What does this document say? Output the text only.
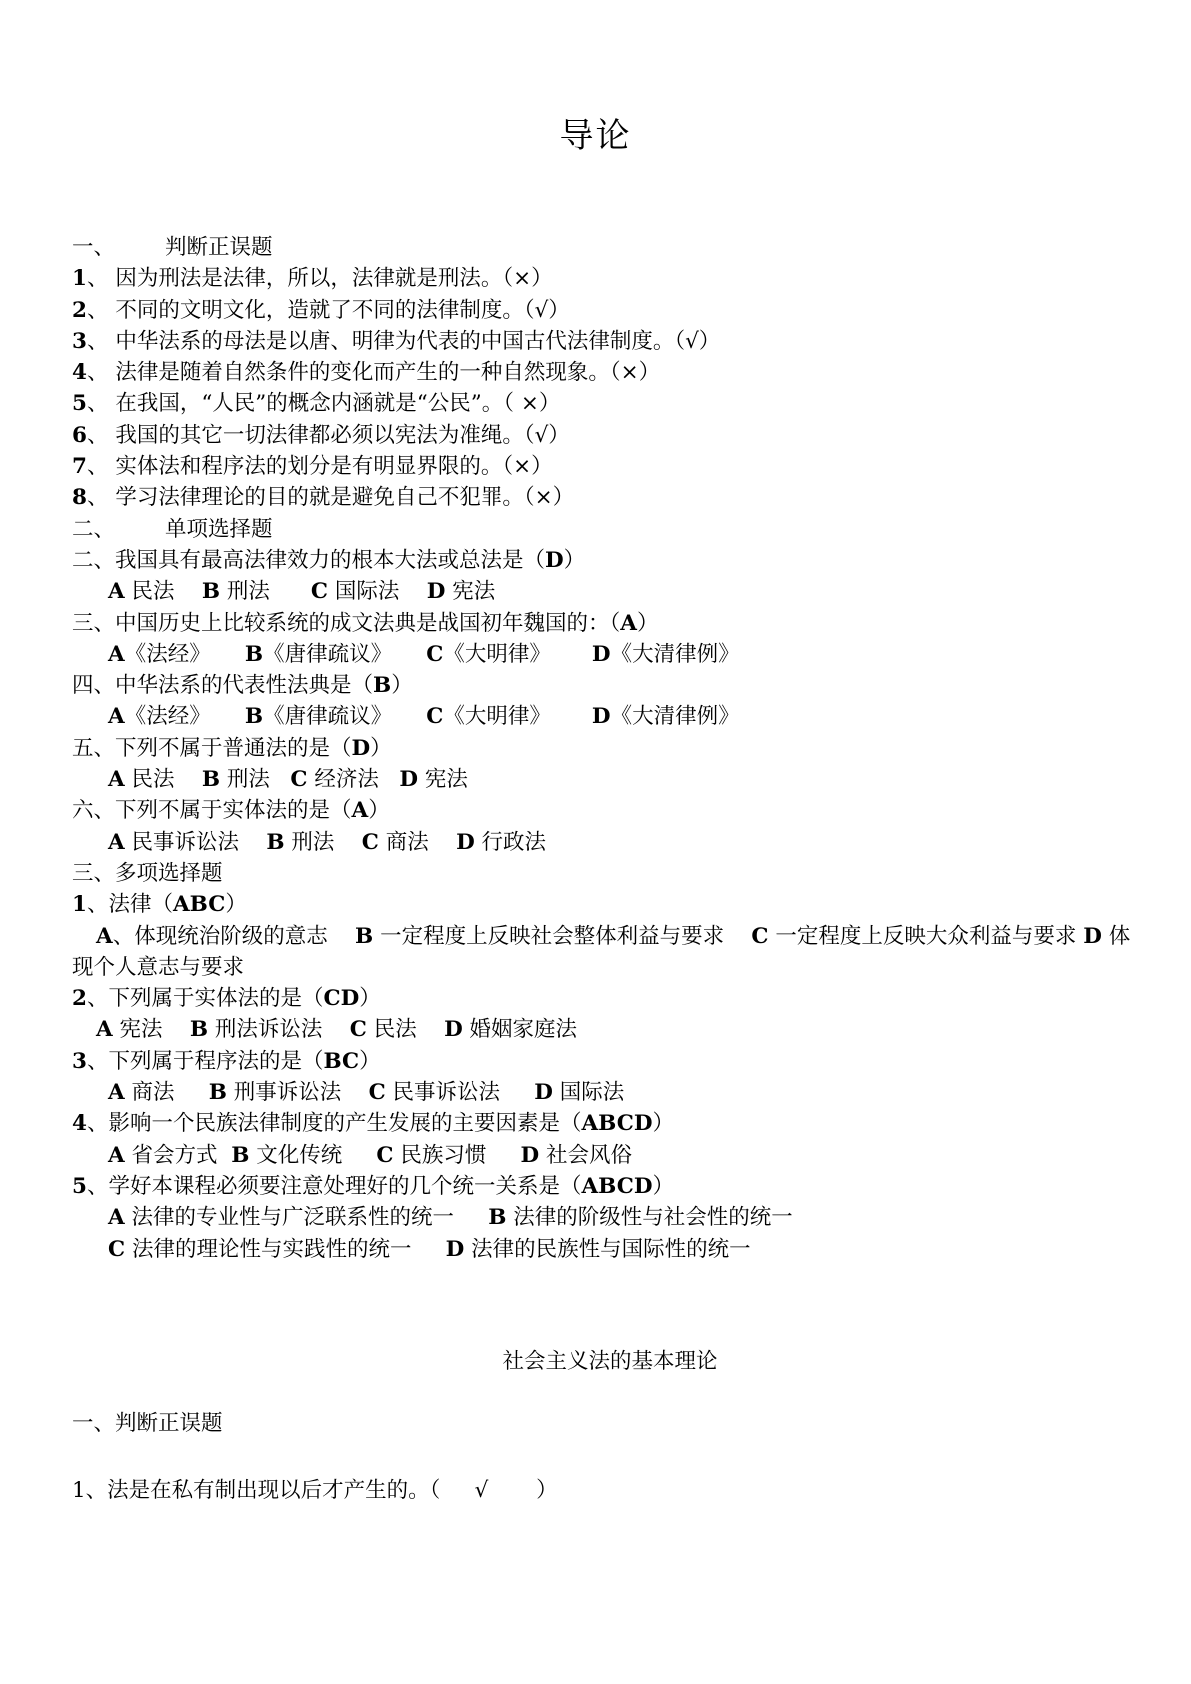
导论
一、 判断正误题
1、 因为刑法是法律，所以，法律就是刑法。（×）
2、 不同的文明文化，造就了不同的法律制度。（√）
3、 中华法系的母法是以唐、明律为代表的中国古代法律制度。（√）
4、 法律是随着自然条件的变化而产生的一种自然现象。（×）
5、 在我国，“人民”的概念内涵就是“公民”。（ ×）
6、 我国的其它一切法律都必须以宪法为准绳。（√）
7、 实体法和程序法的划分是有明显界限的。（×）
8、 学习法律理论的目的就是避免自己不犯罪。（×）
二、 单项选择题
二、我国具有最高法律效力的根本大法或总法是（D）
A 民法 B 刑法 C 国际法 D 宪法
三、中国历史上比较系统的成文法典是战国初年魏国的：（A）
A《法经》 B《唐律疏议》 C《大明律》 D《大清律例》
四、中华法系的代表性法典是（B）
A《法经》 B《唐律疏议》 C《大明律》 D《大清律例》
五、下列不属于普通法的是（D）
A 民法 B 刑法 C 经济法 D 宪法
六、下列不属于实体法的是（A）
A 民事诉讼法 B 刑法 C 商法 D 行政法
三、多项选择题
1、法律（ABC）
A、体现统治阶级的意志 B 一定程度上反映社会整体利益与要求 C 一定程度上反映大众利益与要求 D 体现个人意志与要求
2、下列属于实体法的是（CD）
A 宪法 B 刑法诉讼法 C 民法 D 婚姻家庭法
3、下列属于程序法的是（BC）
A 商法 B 刑事诉讼法 C 民事诉讼法 D 国际法
4、影响一个民族法律制度的产生发展的主要因素是（ABCD）
A 省会方式 B 文化传统 C 民族习惯 D 社会风俗
5、学好本课程必须要注意处理好的几个统一关系是（ABCD）
A 法律的专业性与广泛联系性的统一 B 法律的阶级性与社会性的统一
C 法律的理论性与实践性的统一 D 法律的民族性与国际性的统一
社会主义法的基本理论
一、判断正误题
1、法是在私有制出现以后才产生的。（ √ ）
